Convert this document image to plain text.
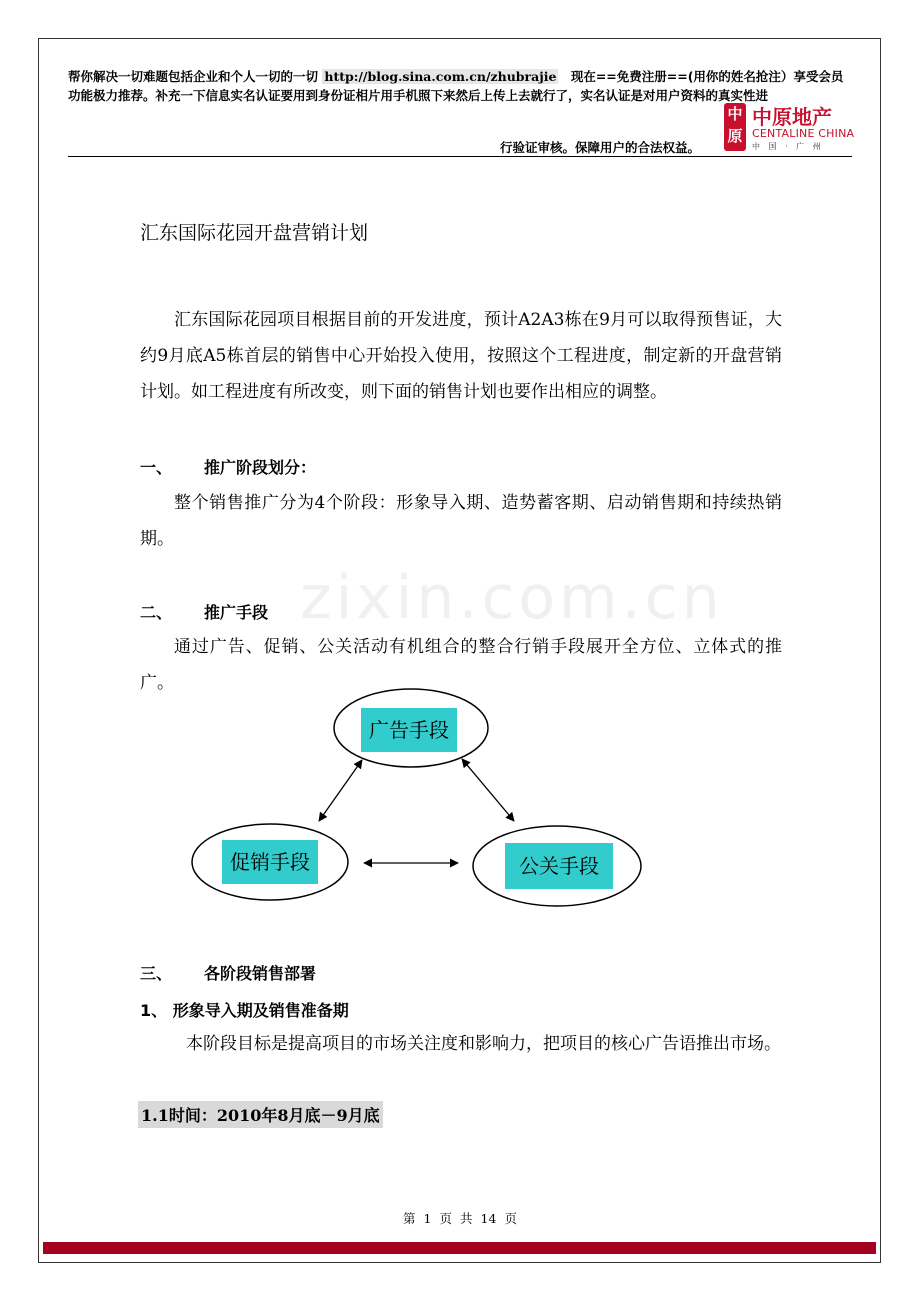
帮你解决一切难题包括企业和个人一切的一切 http://blog.sina.com.cn/zhubrajie 现在==免费注册==(用你的姓名抢注）享受会员
功能极力推荐。补充一下信息实名认证要用到身份证相片用手机照下来然后上传上去就行了，实名认证是对用户资料的真实性进
行验证审核。保障用户的合法权益。
中原
中原地产
CENTALINE CHINA
中 国 · 广 州
zixin.com.cn
汇东国际花园开盘营销计划

汇东国际花园项目根据目前的开发进度，预计A2A3栋在9月可以取得预售证，大约9月底A5栋首层的销售中心开始投入使用，按照这个工程进度，制定新的开盘营销计划。如工程进度有所改变，则下面的销售计划也要作出相应的调整。

一、 推广阶段划分：

整个销售推广分为4个阶段：形象导入期、造势蓄客期、启动销售期和持续热销期。

二、 推广手段

通过广告、促销、公关活动有机组合的整合行销手段展开全方位、立体式的推广。

广告手段
促销手段	公关手段
三、 各阶段销售部署
1、 形象导入期及销售准备期

本阶段目标是提高项目的市场关注度和影响力，把项目的核心广告语推出市场。

1.1时间：2010年8月底－9月底
第 1 页 共 14 页
